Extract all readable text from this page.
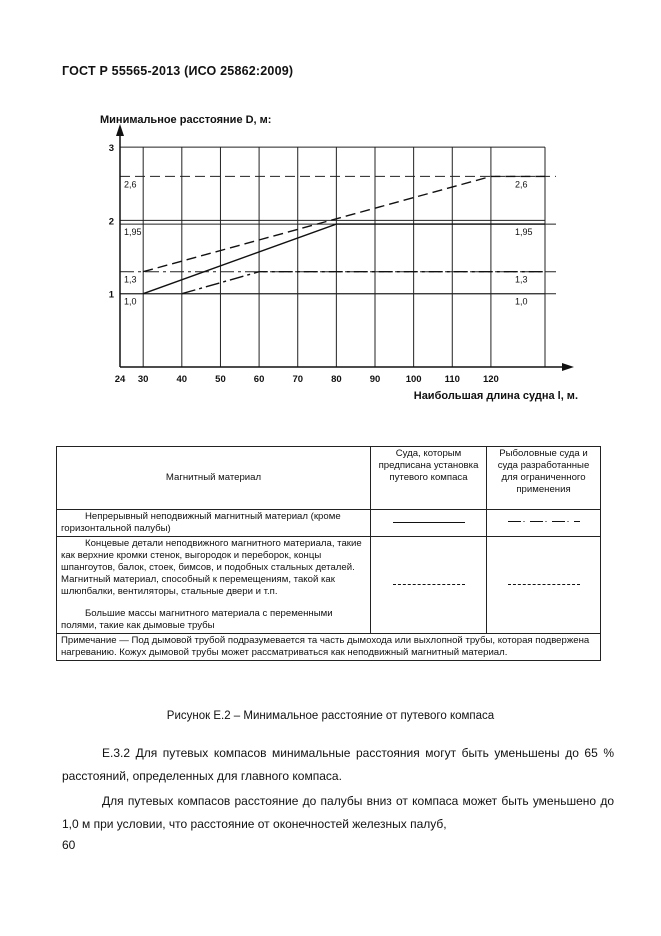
ГОСТ Р 55565-2013 (ИСО 25862:2009)
2,6	2,6
1,95	1,95
1,3	1,3
1,0	1,0
24 30	40	50	60	70	80	90	100 110 120
1
2
3
Минимальное расстояние D, м:
Наибольшая длина судна l, м.
Магнитный материал	Суда, которым предписана установка путевого компаса	Рыболовные суда и суда разработанные для ограниченного применения
Непрерывный неподвижный магнитный материал (кроме горизонтальной палубы)		

Концевые детали неподвижного магнитного материала, такие как верхние кромки стенок, выгородок и переборок, концы шпангоутов, балок, стоек, бимсов, и подобных стальных деталей. Магнитный материал, способный к перемещениям, такой как шлюпбалки, вентиляторы, стальные двери и т.п.
Большие массы магнитного материала с переменными полями, такие как дымовые трубы		

Примечание — Под дымовой трубой подразумевается та часть дымохода или выхлопной трубы, которая подвержена нагреванию. Кожух дымовой трубы может рассматриваться как неподвижный магнитный материал.		
Рисунок Е.2 – Минимальное расстояние от путевого компаса
Е.3.2 Для путевых компасов минимальные расстояния могут быть уменьшены до 65 % расстояний, определенных для главного компаса.
Для путевых компасов расстояние до палубы вниз от компаса может быть уменьшено до 1,0 м при условии, что расстояние от оконечностей железных палуб,
60
